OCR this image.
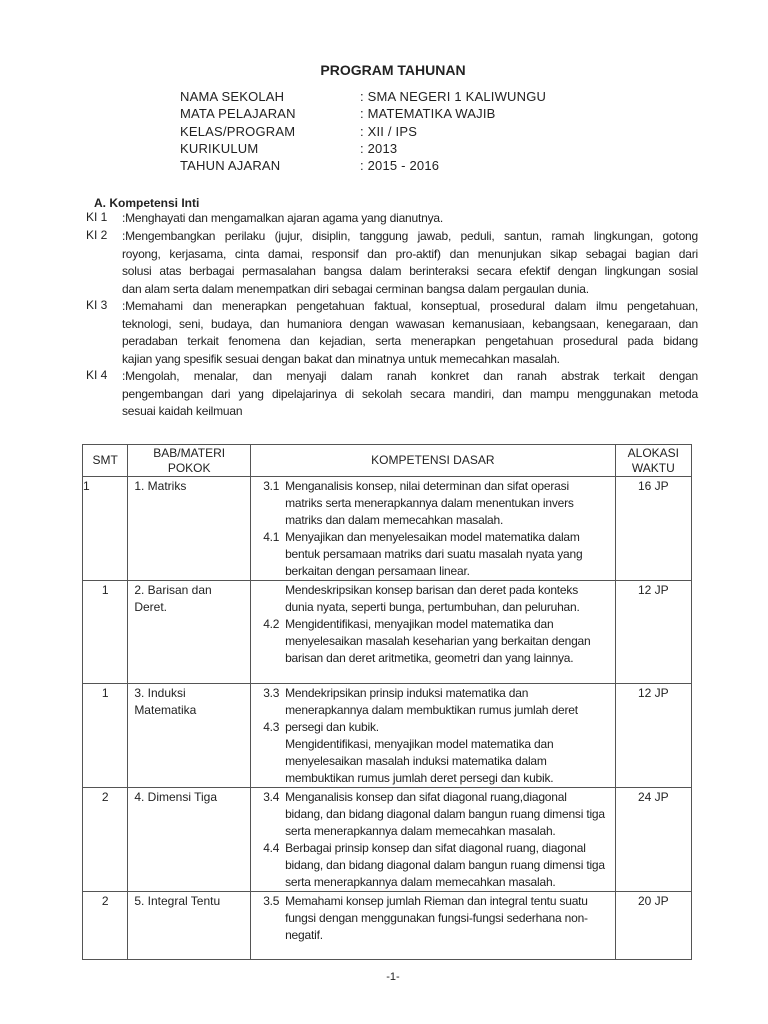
PROGRAM TAHUNAN
NAMA SEKOLAH	: SMA NEGERI 1 KALIWUNGU
MATA PELAJARAN	: MATEMATIKA WAJIB
KELAS/PROGRAM	: XII / IPS
KURIKULUM	: 2013
TAHUN AJARAN	: 2015 - 2016
A. Kompetensi Inti
KI 1 :Menghayati dan mengamalkan ajaran agama yang dianutnya.
KI 2 :Mengembangkan perilaku (jujur, disiplin, tanggung jawab, peduli, santun, ramah lingkungan, gotong
royong, kerjasama, cinta damai, responsif dan pro-aktif) dan menunjukan sikap sebagai bagian dari
solusi atas berbagai permasalahan bangsa dalam berinteraksi secara efektif dengan lingkungan sosial
dan alam serta dalam menempatkan diri sebagai cerminan bangsa dalam pergaulan dunia.
KI 3 :Memahami dan menerapkan pengetahuan faktual, konseptual, prosedural dalam ilmu pengetahuan,
teknologi, seni, budaya, dan humaniora dengan wawasan kemanusiaan, kebangsaan, kenegaraan, dan
peradaban terkait fenomena dan kejadian, serta menerapkan pengetahuan prosedural pada bidang
kajian yang spesifik sesuai dengan bakat dan minatnya untuk memecahkan masalah.
KI 4 :Mengolah, menalar, dan menyaji dalam ranah konkret dan ranah abstrak terkait dengan
pengembangan dari yang dipelajarinya di sekolah secara mandiri, dan mampu menggunakan metoda
sesuai kaidah keilmuan
SMT	BAB/MATERI POKOK	KOMPETENSI DASAR	ALOKASI WAKTU

1	1. Matriks	3.1 Menganalisis konsep, nilai determinan dan sifat operasi matriks serta menerapkannya dalam menentukan invers matriks dan dalam memecahkan masalah.
4.1 Menyajikan dan menyelesaikan model matematika dalam bentuk persamaan matriks dari suatu masalah nyata yang berkaitan dengan persamaan linear.	16 JP

1	2. Barisan dan Deret.	Mendeskripsikan konsep barisan dan deret pada konteks dunia nyata, seperti bunga, pertumbuhan, dan peluruhan.
4.2 Mengidentifikasi, menyajikan model matematika dan menyelesaikan masalah keseharian yang berkaitan dengan barisan dan deret aritmetika, geometri dan yang lainnya.	12 JP

1	3. Induksi Matematika	3.3 Mendekripsikan prinsip induksi matematika dan menerapkannya dalam membuktikan rumus jumlah deret
4.3 persegi dan kubik.
Mengidentifikasi, menyajikan model matematika dan menyelesaikan masalah induksi matematika dalam membuktikan rumus jumlah deret persegi dan kubik.	12 JP

2	4. Dimensi Tiga	3.4 Menganalisis konsep dan sifat diagonal ruang,diagonal bidang, dan bidang diagonal dalam bangun ruang dimensi tiga serta menerapkannya dalam memecahkan masalah.
4.4 Berbagai prinsip konsep dan sifat diagonal ruang, diagonal bidang, dan bidang diagonal dalam bangun ruang dimensi tiga serta menerapkannya dalam memecahkan masalah.	24 JP

2	5. Integral Tentu	3.5 Memahami konsep jumlah Rieman dan integral tentu suatu fungsi dengan menggunakan fungsi-fungsi sederhana non-negatif.	20 JP
-1-
